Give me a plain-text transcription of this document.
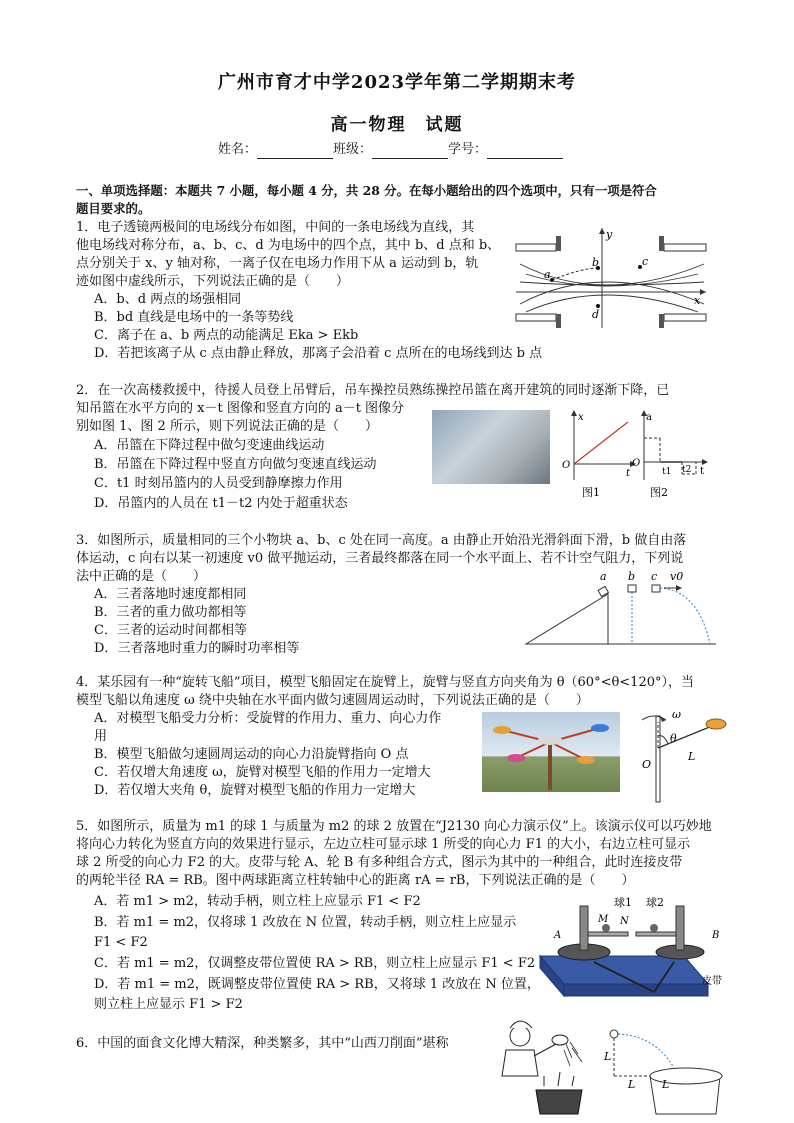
广州市育才中学2023学年第二学期期末考
高一物理　试题
姓名：	班级：	学号：
一、单项选择题：本题共 7 小题，每小题 4 分，共 28 分。在每小题给出的四个选项中，只有一项是符合
题目要求的。
1．电子透镜两极间的电场线分布如图，中间的一条电场线为直线，其
他电场线对称分布，a、b、c、d 为电场中的四个点，其中 b、d 点和 b、
点分别关于 x、y 轴对称，一离子仅在电场力作用下从 a 运动到 b，轨
迹如图中虚线所示，下列说法正确的是（　　）
A．b、d 两点的场强相同
B．bd 直线是电场中的一条等势线
C．离子在 a、b 两点的动能满足 Eka > Ekb
D．若把该离子从 c 点由静止释放，那离子会沿着 c 点所在的电场线到达 b 点
a
b	c
d
y
x
2．在一次高楼救援中，待援人员登上吊臂后，吊车操控员熟练操控吊篮在离开建筑的同时逐渐下降，已
知吊篮在水平方向的 x－t 图像和竖直方向的 a－t 图像分
别如图 1、图 2 所示，则下列说法正确的是（　　）
A．吊篮在下降过程中做匀变速曲线运动
B．吊篮在下降过程中竖直方向做匀变速直线运动
C．t1 时刻吊篮内的人员受到静摩擦力作用
D．吊篮内的人员在 t1－t2 内处于超重状态
x
t
O
图1
a
t
O
t1 t2
图2
3．如图所示，质量相同的三个小物块 a、b、c 处在同一高度。a 由静止开始沿光滑斜面下滑，b 做自由落
体运动，c 向右以某一初速度 v0 做平抛运动，三者最终都落在同一个水平面上、若不计空气阻力，下列说
法中正确的是（　　）
A．三者落地时速度都相同
B．三者的重力做功都相等
C．三者的运动时间都相等
D．三者落地时重力的瞬时功率相等
a b c v0
4．某乐园有一种“旋转飞船”项目，模型飞船固定在旋臂上，旋臂与竖直方向夹角为 θ（60°<θ<120°），当
模型飞船以角速度 ω 绕中央轴在水平面内做匀速圆周运动时，下列说法正确的是（　　）
A．对模型飞船受力分析：受旋臂的作用力、重力、向心力作
用
B．模型飞船做匀速圆周运动的向心力沿旋臂指向 O 点
C．若仅增大角速度 ω，旋臂对模型飞船的作用力一定增大
D．若仅增大夹角 θ，旋臂对模型飞船的作用力一定增大
ω
θ
O
L
5．如图所示，质量为 m1 的球 1 与质量为 m2 的球 2 放置在“J2130 向心力演示仪”上。该演示仪可以巧妙地
将向心力转化为竖直方向的效果进行显示，左边立柱可显示球 1 所受的向心力 F1 的大小，右边立柱可显示
球 2 所受的向心力 F2 的大。皮带与轮 A、轮 B 有多种组合方式，图示为其中的一种组合，此时连接皮带
的两轮半径 RA = RB。图中两球距离立柱转轴中心的距离 rA = rB，下列说法正确的是（　　）
A．若 m1 > m2，转动手柄，则立柱上应显示 F1 < F2
B．若 m1 = m2，仅将球 1 改放在 N 位置，转动手柄，则立柱上应显示
F1 < F2
C．若 m1 = m2，仅调整皮带位置使 RA > RB，则立柱上应显示 F1 < F2
D．若 m1 = m2，既调整皮带位置使 RA > RB，又将球 1 改放在 N 位置，
则立柱上应显示 F1 > F2
球1 球2
M N
A	B
皮带
6．中国的面食文化博大精深，种类繁多，其中“山西刀削面”堪称
L
L L
